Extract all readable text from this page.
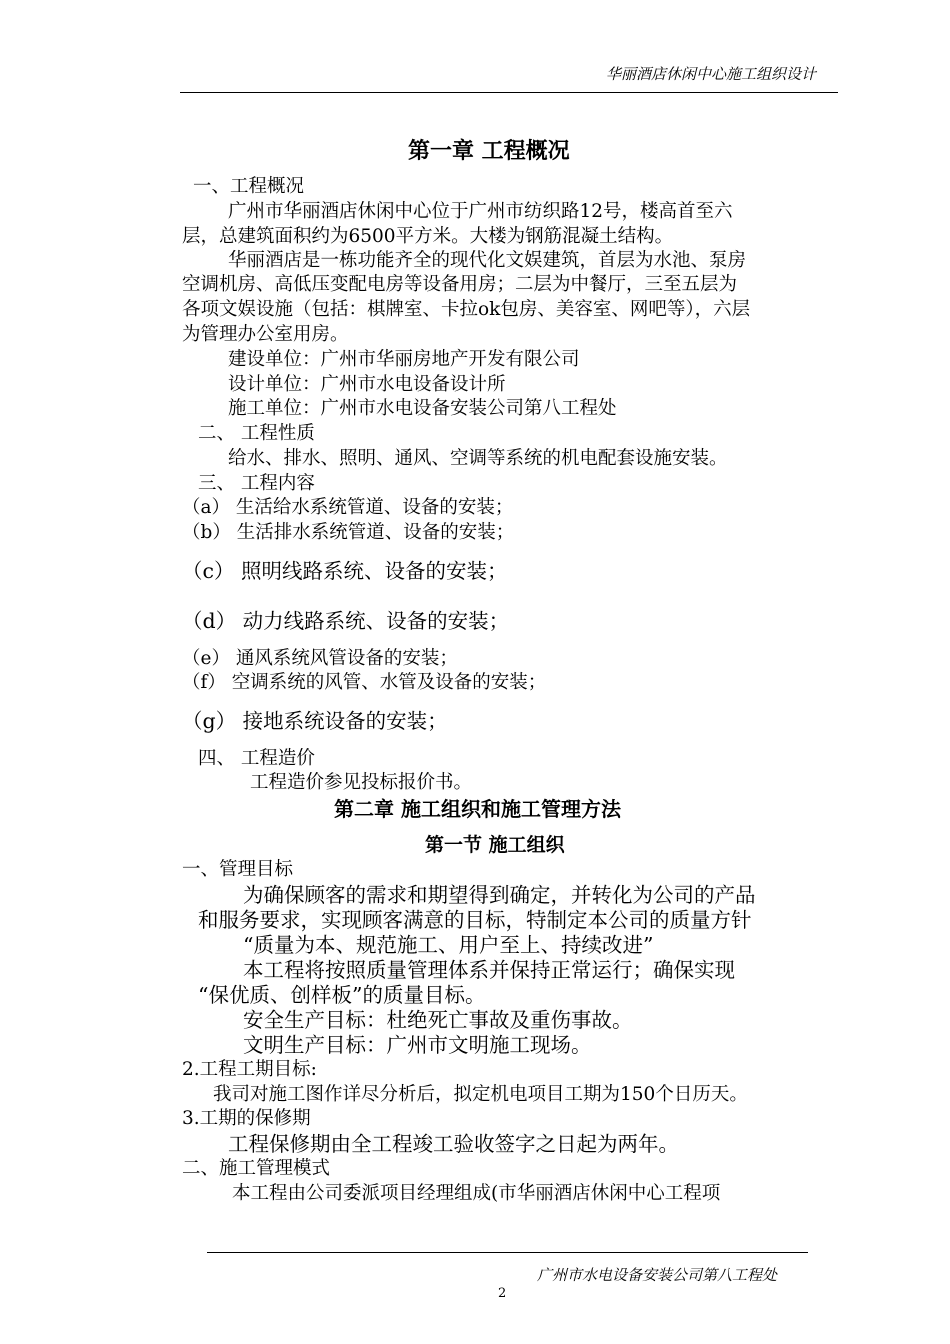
华丽酒店休闲中心施工组织设计
第一章 工程概况
一、工程概况
广州市华丽酒店休闲中心位于广州市纺织路12号，楼高首至六
层，总建筑面积约为6500平方米。大楼为钢筋混凝土结构。
华丽酒店是一栋功能齐全的现代化文娱建筑，首层为水池、泵房
空调机房、高低压变配电房等设备用房；二层为中餐厅，三至五层为
各项文娱设施（包括：棋牌室、卡拉ok包房、美容室、网吧等），六层
为管理办公室用房。
建设单位：广州市华丽房地产开发有限公司
设计单位：广州市水电设备设计所
施工单位：广州市水电设备安装公司第八工程处
二、 工程性质
给水、排水、照明、通风、空调等系统的机电配套设施安装。
三、 工程内容
（a） 生活给水系统管道、设备的安装；
（b） 生活排水系统管道、设备的安装；
（c） 照明线路系统、设备的安装；
（d） 动力线路系统、设备的安装；
（e） 通风系统风管设备的安装；
（f） 空调系统的风管、水管及设备的安装；
（g） 接地系统设备的安装；
四、 工程造价
工程造价参见投标报价书。
第二章 施工组织和施工管理方法
第一节 施工组织
一、管理目标
为确保顾客的需求和期望得到确定，并转化为公司的产品
和服务要求，实现顾客满意的目标，特制定本公司的质量方针
“质量为本、规范施工、用户至上、持续改进”
本工程将按照质量管理体系并保持正常运行；确保实现
“保优质、创样板”的质量目标。
安全生产目标：杜绝死亡事故及重伤事故。
文明生产目标：广州市文明施工现场。
2.工程工期目标:
我司对施工图作详尽分析后，拟定机电项目工期为150个日历天。
3.工期的保修期
工程保修期由全工程竣工验收签字之日起为两年。
二、施工管理模式
本工程由公司委派项目经理组成(市华丽酒店休闲中心工程项
广州市水电设备安装公司第八工程处
2
